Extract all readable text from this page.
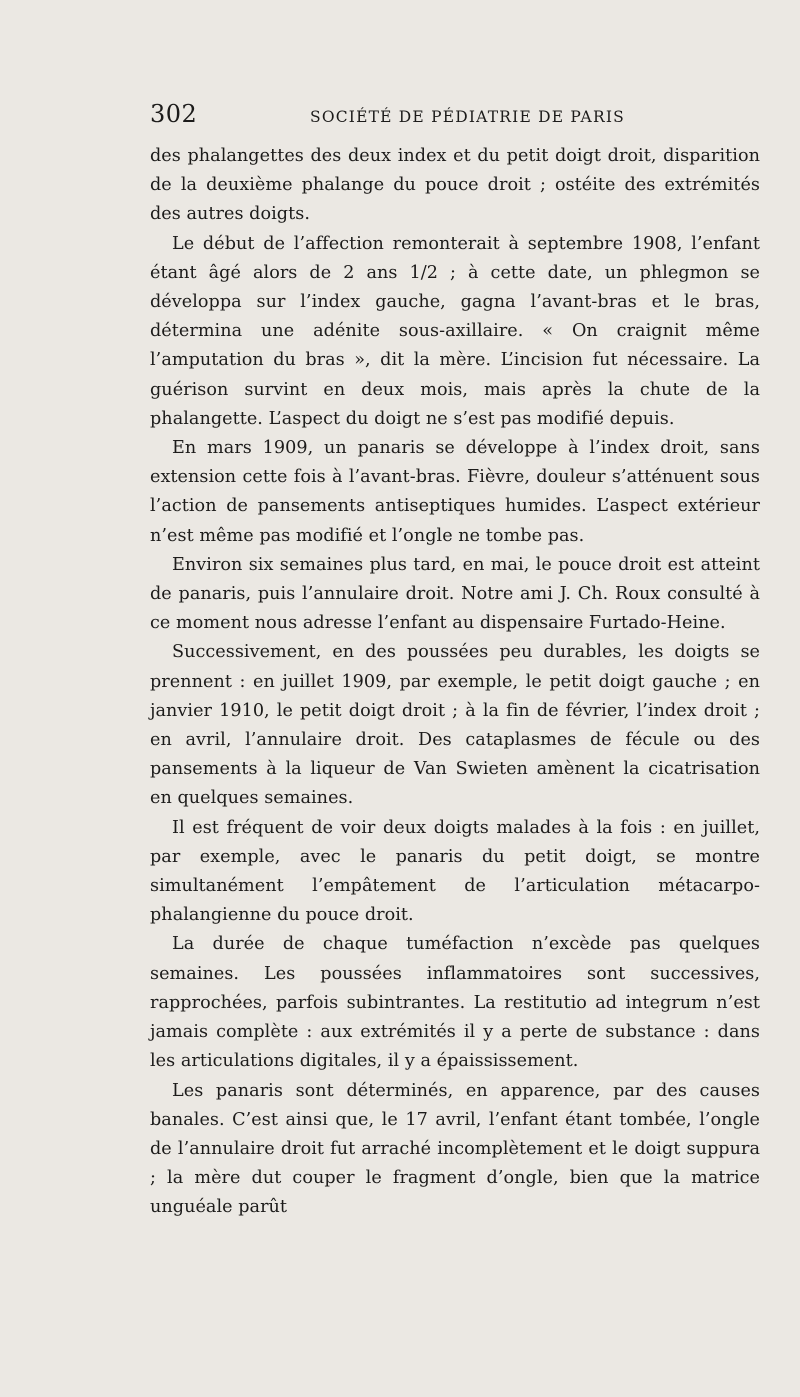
302	SOCIÉTÉ DE PÉDIATRIE DE PARIS

des phalangettes des deux index et du petit doigt droit, disparition de la deuxième phalange du pouce droit ; ostéite des extrémités des autres doigts.

Le début de l’affection remonterait à septembre 1908, l’enfant étant âgé alors de 2 ans 1/2 ; à cette date, un phlegmon se développa sur l’index gauche, gagna l’avant-bras et le bras, détermina une adénite sous-axillaire. « On craignit même l’amputation du bras », dit la mère. L’incision fut nécessaire. La guérison survint en deux mois, mais après la chute de la phalangette. L’aspect du doigt ne s’est pas modifié depuis.

En mars 1909, un panaris se développe à l’index droit, sans extension cette fois à l’avant-bras. Fièvre, douleur s’atténuent sous l’action de pansements antiseptiques humides. L’aspect extérieur n’est même pas modifié et l’ongle ne tombe pas.

Environ six semaines plus tard, en mai, le pouce droit est atteint de panaris, puis l’annulaire droit. Notre ami J. Ch. Roux consulté à ce moment nous adresse l’enfant au dispensaire Furtado-Heine.

Successivement, en des poussées peu durables, les doigts se prennent : en juillet 1909, par exemple, le petit doigt gauche ; en janvier 1910, le petit doigt droit ; à la fin de février, l’index droit ; en avril, l’annulaire droit. Des cataplasmes de fécule ou des pansements à la liqueur de Van Swieten amènent la cicatrisation en quelques semaines.

Il est fréquent de voir deux doigts malades à la fois : en juillet, par exemple, avec le panaris du petit doigt, se montre simultanément l’empâtement de l’articulation métacarpo-phalangienne du pouce droit.

La durée de chaque tuméfaction n’excède pas quelques semaines. Les poussées inflammatoires sont successives, rapprochées, parfois subintrantes. La restitutio ad integrum n’est jamais complète : aux extrémités il y a perte de substance : dans les articulations digitales, il y a épaississement.

Les panaris sont déterminés, en apparence, par des causes banales. C’est ainsi que, le 17 avril, l’enfant étant tombée, l’ongle de l’annulaire droit fut arraché incomplètement et le doigt suppura ; la mère dut couper le fragment d’ongle, bien que la matrice unguéale parût
